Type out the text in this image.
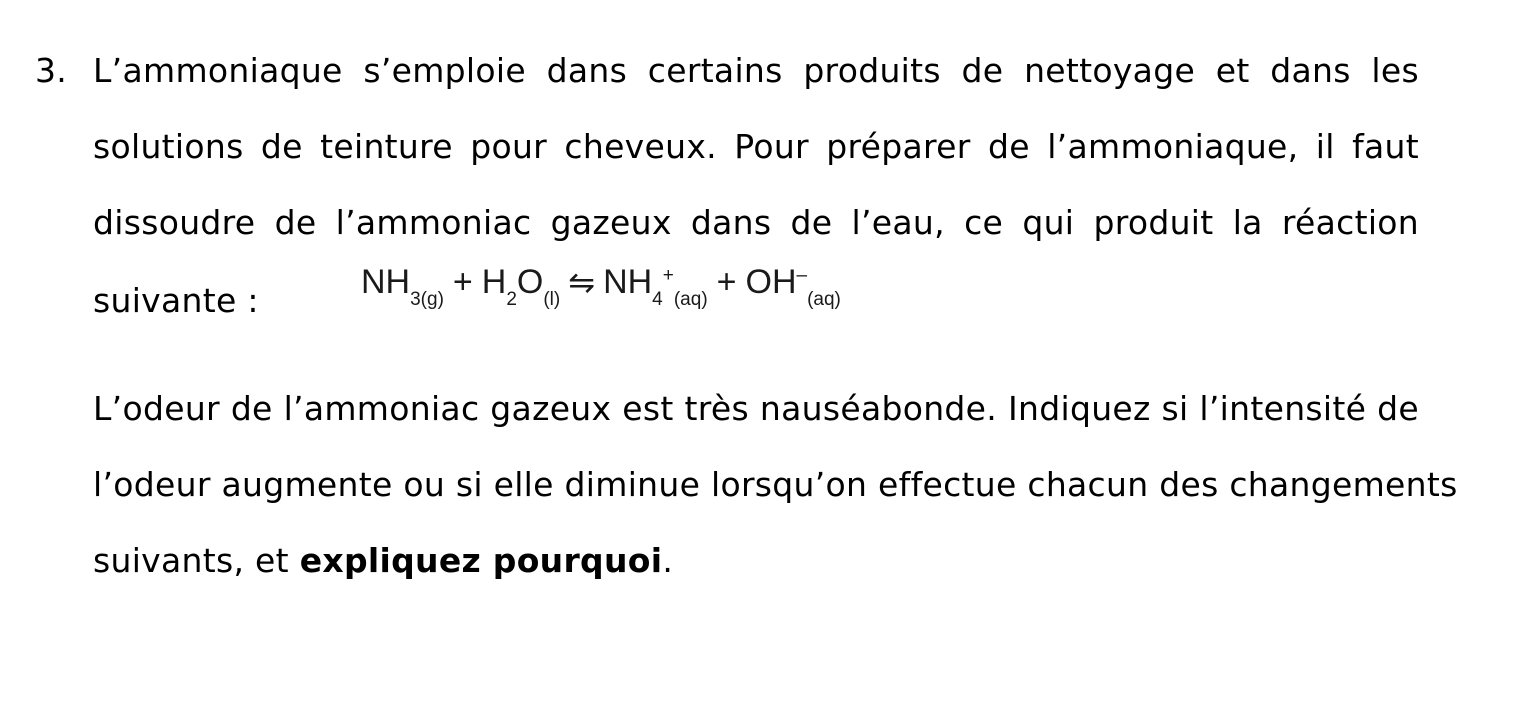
3. L’ammoniaque s’emploie dans certains produits de nettoyage et dans les
solutions de teinture pour cheveux. Pour préparer de l’ammoniaque, il faut
dissoudre de l’ammoniac gazeux dans de l’eau, ce qui produit la réaction
suivante :	$NH_{3(g)} + H_2O_{(l)}$ ⇋ $NH_4^+_{(aq)} + OH^-_{(aq)}$
L’odeur de l’ammoniac gazeux est très nauséabonde. Indiquez si l’intensité de
l’odeur augmente ou si elle diminue lorsqu’on effectue chacun des changements
suivants, et expliquez pourquoi.
